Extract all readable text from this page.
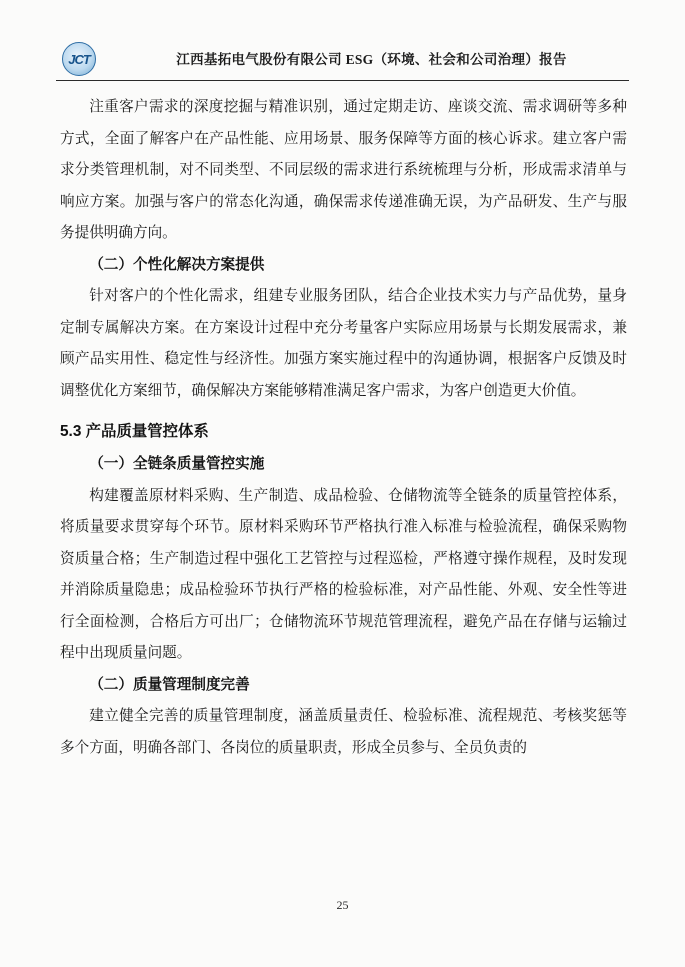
JCT	江西基拓电气股份有限公司 ESG（环境、社会和公司治理）报告

注重客户需求的深度挖掘与精准识别，通过定期走访、座谈交流、需求调研等多种方式，全面了解客户在产品性能、应用场景、服务保障等方面的核心诉求。建立客户需求分类管理机制，对不同类型、不同层级的需求进行系统梳理与分析，形成需求清单与响应方案。加强与客户的常态化沟通，确保需求传递准确无误，为产品研发、生产与服务提供明确方向。

（二）个性化解决方案提供

针对客户的个性化需求，组建专业服务团队，结合企业技术实力与产品优势，量身定制专属解决方案。在方案设计过程中充分考量客户实际应用场景与长期发展需求，兼顾产品实用性、稳定性与经济性。加强方案实施过程中的沟通协调，根据客户反馈及时调整优化方案细节，确保解决方案能够精准满足客户需求，为客户创造更大价值。

5.3 产品质量管控体系

（一）全链条质量管控实施

构建覆盖原材料采购、生产制造、成品检验、仓储物流等全链条的质量管控体系，将质量要求贯穿每个环节。原材料采购环节严格执行准入标准与检验流程，确保采购物资质量合格；生产制造过程中强化工艺管控与过程巡检，严格遵守操作规程，及时发现并消除质量隐患；成品检验环节执行严格的检验标准，对产品性能、外观、安全性等进行全面检测，合格后方可出厂；仓储物流环节规范管理流程，避免产品在存储与运输过程中出现质量问题。

（二）质量管理制度完善

建立健全完善的质量管理制度，涵盖质量责任、检验标准、流程规范、考核奖惩等多个方面，明确各部门、各岗位的质量职责，形成全员参与、全员负责的

25
